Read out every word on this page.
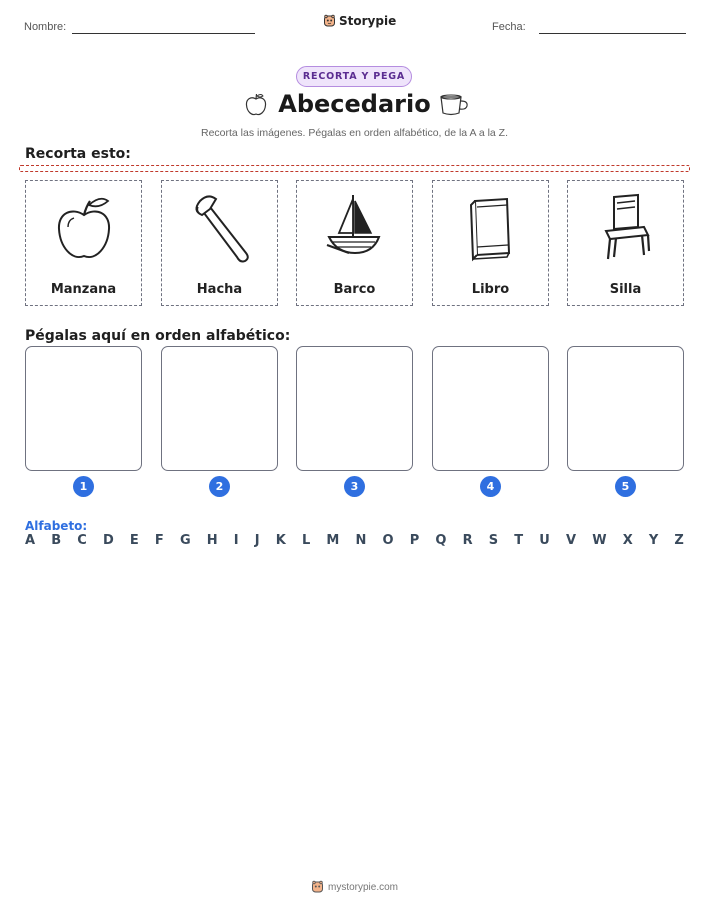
Nombre:	Storypie	Fecha:
RECORTA Y PEGA
Abecedario
Recorta las imágenes. Pégalas en orden alfabético, de la A a la Z.
Recorta esto:
Manzana	Hacha	Barco	Libro	Silla
Pégalas aquí en orden alfabético:
1	2	3	4	5
Alfabeto:
A B C D E F G H I J K L M N O P Q R S T U V W X Y Z
mystorypie.com
